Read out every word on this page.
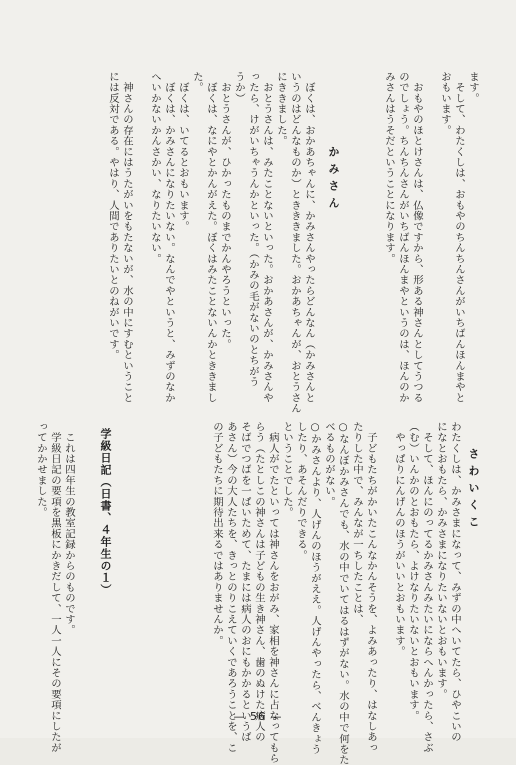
ます。
　そして、わたくしは、おもやのちんちんさんがいちばんほんまやと
おもいます。

　おもやのほとけさんは、仏像ですから、形ある神さんとしてうつる
のでしょう。ちんちんさんがいちばんほんまやというのは、ほんのか
みさんはうそだということになります。

かみさん

　ぼくは、おかあちゃんに、かみさんやったらどんなん（かみさんと
いうのはどんなものか）ときききました。おかあちゃんが、おとうさん
にききました。
　おとうさんは、みたことないといった。おかあさんが、かみさんや
ったら、けがいちゃうんかといった。（かみの毛がないのとちがう
うか）
　おとうさんが、ひかったものまでかんやろうといった。
　ぼくは、なにやとかんがえた。ぼくはみたことないんかとききまし
た。
　ぼくは、いてるとおもいます。
　ぼくは、かみさんになりたいない。なんでやというと、みずのなか
へいかないかんさかい、なりたいない。

　神さんの存在にはうたがいをもたないが、水の中にすむということ
には反対である。やはり、人間でありたいとのねがいです。

さわいくこ

わたくしは、かみさまになって、みずの中へいてたら、ひやこいの
になとおもたら、かみさまになりたいないとおもいます。
　そして、ほんにのってるかみさんみたいにならへんかったら、さぶ
（む）いんかのとおもたら、よけなりたいないとおもいます。
　やっぱりにんげんのほうがいいとおもいます。

　子どもたちがかいたこんなかんそうを、よみあったり、はなしあっ
たりした中で、みんなが一ちしたことは、
○なんぼかみさんでも、水の中でいてはるはずがない。水の中で何をた
べるものがない。
○かみさんより、人げんのほうがええ。人げんやったら、べんきょう
したり、あそんだりできる。
ということでした。
　病人がでたといっては神さんをおがみ、家相を神さんに占なってもら
らう（たとしこの神さんは子どもの生き神さん、歯のぬけた病人の
そばでつばを一ぱいためて、たまには病人のおにもかかるというば
あさん）今の大人たちを、きっとのりこえていくであろうことを、こ
の子どもたちに期待出来るではありませんか。

学級日記（日書、４年生の１）

　これは四年生の教室記録からのものです。
　学級日記の要項を黒板にかきだして、一人一人にその要項にしたが
ってかかせました。

— 56 —
